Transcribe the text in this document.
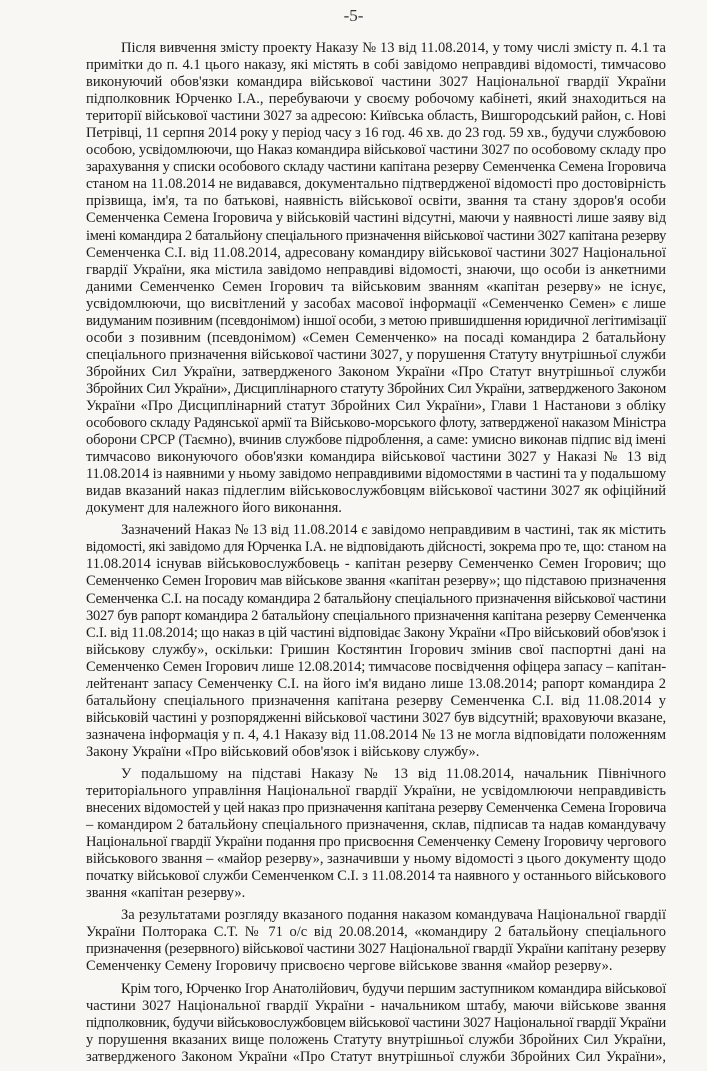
-5-
Після вивчення змісту проекту Наказу № 13 від 11.08.2014, у тому числі змісту п. 4.1 та
примітки до п. 4.1 цього наказу, які містять в собі завідомо неправдиві відомості, тимчасово
виконуючий обов'язки командира військової частини 3027 Національної гвардії України
підполковник Юрченко І.А., перебуваючи у своєму робочому кабінеті, який знаходиться на
території військової частини 3027 за адресою: Київська область, Вишгородський район, с. Нові
Петрівці, 11 серпня 2014 року у період часу з 16 год. 46 хв. до 23 год. 59 хв., будучи службовою
особою, усвідомлюючи, що Наказ командира військової частини 3027 по особовому складу про
зарахування у списки особового складу частини капітана резерву Семенченка Семена Ігоровича
станом на 11.08.2014 не видавався, документально підтвердженої відомості про достовірність
прізвища, ім'я, та по батькові, наявність військової освіти, звання та стану здоров'я особи
Семенченка Семена Ігоровича у військовій частині відсутні, маючи у наявності лише заяву від
імені командира 2 батальйону спеціального призначення військової частини 3027 капітана резерву
Семенченка С.І. від 11.08.2014, адресовану командиру військової частини 3027 Національної
гвардії України, яка містила завідомо неправдиві відомості, знаючи, що особи із анкетними
даними Семенченко Семен Ігорович та військовим званням «капітан резерву» не існує,
усвідомлюючи, що висвітлений у засобах масової інформації «Семенченко Семен» є лише
видуманим позивним (псевдонімом) іншої особи, з метою прившидшення юридичної легітимізації
особи з позивним (псевдонімом) «Семен Семенченко» на посаді командира 2 батальйону
спеціального призначення військової частини 3027, у порушення Статуту внутрішньої служби
Збройних Сил України, затвердженого Законом України «Про Статут внутрішньої служби
Збройних Сил України», Дисциплінарного статуту Збройних Сил України, затвердженого Законом
України «Про Дисциплінарний статут Збройних Сил України», Глави 1 Настанови з обліку
особового складу Радянської армії та Військово-морського флоту, затвердженої наказом Міністра
оборони СРСР (Таємно), вчинив службове підроблення, а саме: умисно виконав підпис від імені
тимчасово виконуючого обов'язки командира військової частини 3027 у Наказі № 13 від
11.08.2014 із наявними у ньому завідомо неправдивими відомостями в частині та у подальшому
видав вказаний наказ підлеглим військовослужбовцям військової частини 3027 як офіційний
документ для належного його виконання.
Зазначений Наказ № 13 від 11.08.2014 є завідомо неправдивим в частині, так як містить
відомості, які завідомо для Юрченка І.А. не відповідають дійсності, зокрема про те, що: станом на
11.08.2014 існував військовослужбовець - капітан резерву Семенченко Семен Ігорович; що
Семенченко Семен Ігорович мав військове звання «капітан резерву»; що підставою призначення
Семенченка С.І. на посаду командира 2 батальйону спеціального призначення військової частини
3027 був рапорт командира 2 батальйону спеціального призначення капітана резерву Семенченка
С.І. від 11.08.2014; що наказ в цій частині відповідає Закону України «Про військовий обов'язок і
військову службу», оскільки: Гришин Костянтин Ігорович змінив свої паспортні дані на
Семенченко Семен Ігорович лише 12.08.2014; тимчасове посвідчення офіцера запасу – капітан-
лейтенант запасу Семенченку С.І. на його ім'я видано лише 13.08.2014; рапорт командира 2
батальйону спеціального призначення капітана резерву Семенченка С.І. від 11.08.2014 у
військовій частині у розпорядженні військової частини 3027 був відсутній; враховуючи вказане,
зазначена інформація у п. 4, 4.1 Наказу від 11.08.2014 № 13 не могла відповідати положенням
Закону України «Про військовий обов'язок і військову службу».
У подальшому на підставі Наказу № 13 від 11.08.2014, начальник Північного
територіального управління Національної гвардії України, не усвідомлюючи неправдивість
внесених відомостей у цей наказ про призначення капітана резерву Семенченка Семена Ігоровича
– командиром 2 батальйону спеціального призначення, склав, підписав та надав командувачу
Національної гвардії України подання про присвоєння Семенченку Семену Ігоровичу чергового
військового звання – «майор резерву», зазначивши у ньому відомості з цього документу щодо
початку військової служби Семенченком С.І. з 11.08.2014 та наявного у останнього військового
звання «капітан резерву».
За результатами розгляду вказаного подання наказом командувача Національної гвардії
України Полторака С.Т. № 71 о/с від 20.08.2014, «командиру 2 батальйону спеціального
призначення (резервного) військової частини 3027 Національної гвардії України капітану резерву
Семенченку Семену Ігоровичу присвоєно чергове військове звання «майор резерву».
Крім того, Юрченко Ігор Анатолійович, будучи першим заступником командира військової
частини 3027 Національної гвардії України - начальником штабу, маючи військове звання
підполковник, будучи військовослужбовцем військової частини 3027 Національної гвардії України
у порушення вказаних вище положень Статуту внутрішньої служби Збройних Сил України,
затвердженого Законом України «Про Статут внутрішньої служби Збройних Сил України»,
